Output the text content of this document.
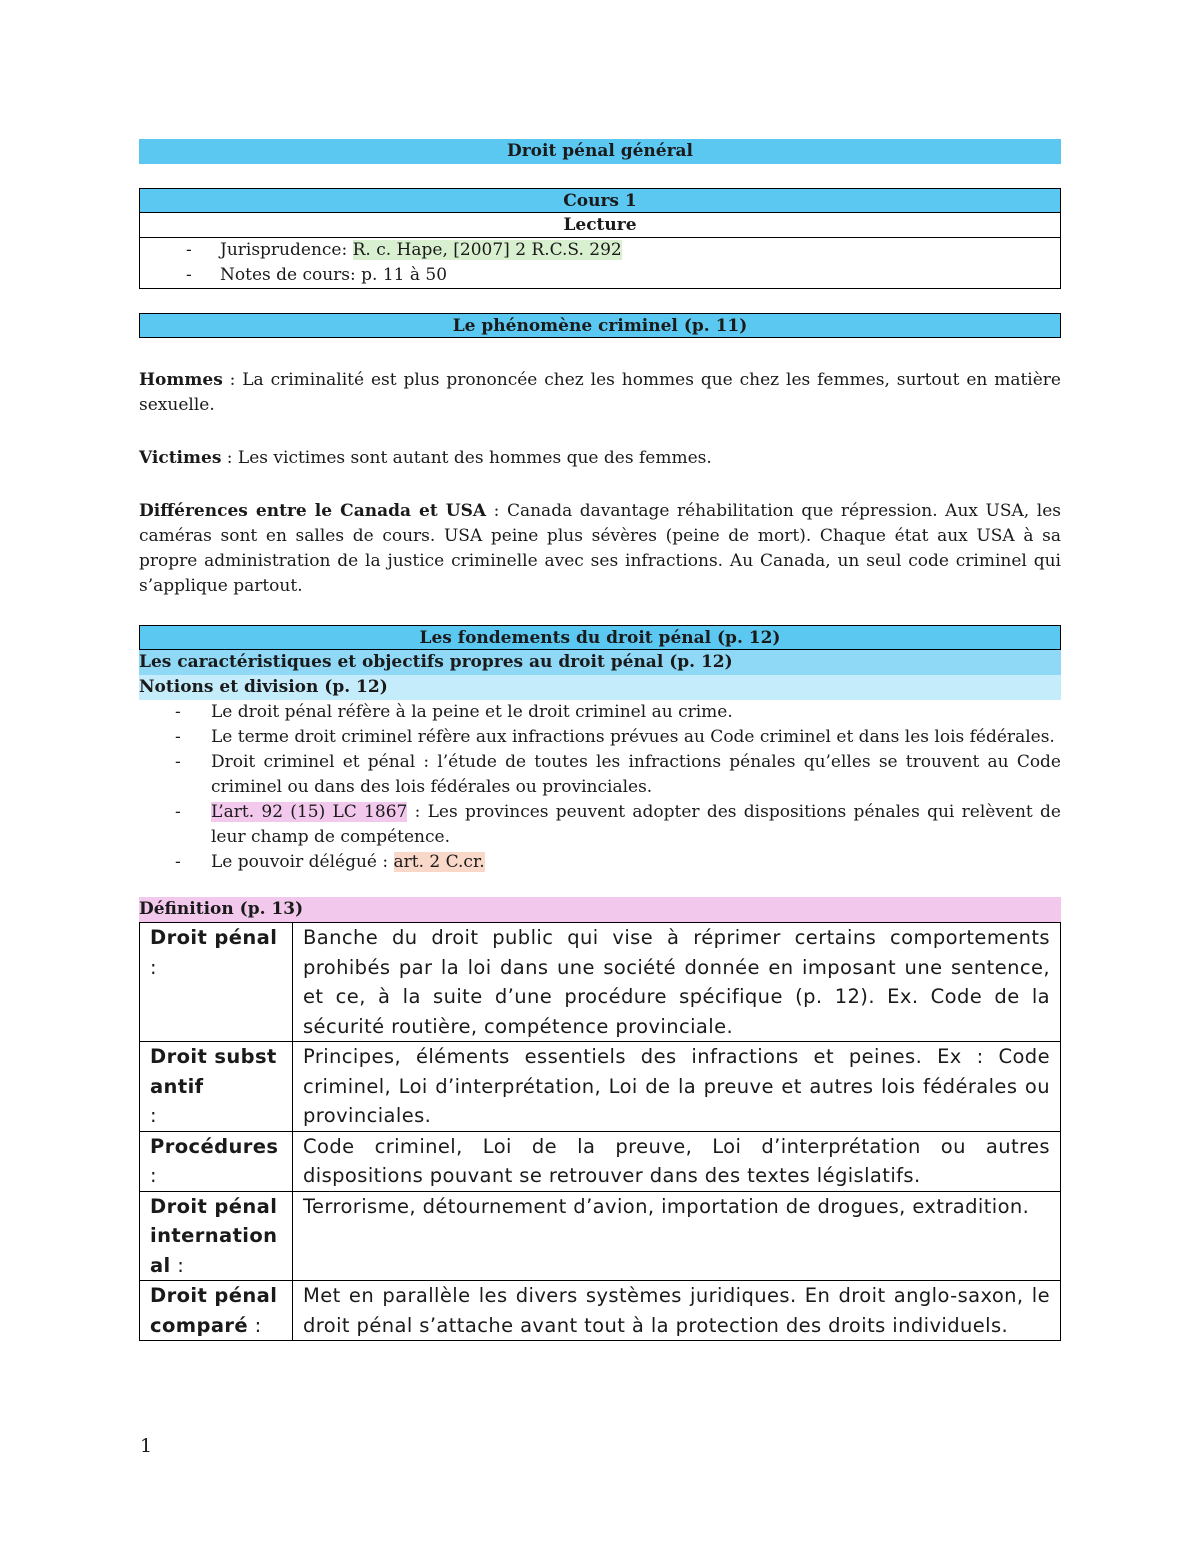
Droit pénal général
Cours 1
Lecture
- Jurisprudence: R. c. Hape, [2007] 2 R.C.S. 292
- Notes de cours: p. 11 à 50
Le phénomène criminel (p. 11)

Hommes : La criminalité est plus prononcée chez les hommes que chez les femmes, surtout en matière sexuelle.

Victimes : Les victimes sont autant des hommes que des femmes.

Différences entre le Canada et USA : Canada davantage réhabilitation que répression. Aux USA, les caméras sont en salles de cours. USA peine plus sévères (peine de mort). Chaque état aux USA à sa propre administration de la justice criminelle avec ses infractions. Au Canada, un seul code criminel qui s’applique partout.

Les fondements du droit pénal (p. 12)
Les caractéristiques et objectifs propres au droit pénal (p. 12)
Notions et division (p. 12)
- Le droit pénal réfère à la peine et le droit criminel au crime.
- Le terme droit criminel réfère aux infractions prévues au Code criminel et dans les lois fédérales.
- Droit criminel et pénal : l’étude de toutes les infractions pénales qu’elles se trouvent au Code criminel ou dans des lois fédérales ou provinciales.
- L’art. 92 (15) LC 1867 : Les provinces peuvent adopter des dispositions pénales qui relèvent de leur champ de compétence.
- Le pouvoir délégué : art. 2 C.cr.
Définition (p. 13)
Droit pénal :	Banche du droit public qui vise à réprimer certains comportements prohibés par la loi dans une société donnée en imposant une sentence, et ce, à la suite d’une procédure spécifique (p. 12). Ex. Code de la sécurité routière, compétence provinciale.
Droit substantif
:	Principes, éléments essentiels des infractions et peines. Ex : Code criminel, Loi d’interprétation, Loi de la preuve et autres lois fédérales ou provinciales.
Procédures :	Code criminel, Loi de la preuve, Loi d’interprétation ou autres dispositions pouvant se retrouver dans des textes législatifs.
Droit pénal international :	Terrorisme, détournement d’avion, importation de drogues, extradition.
Droit pénal comparé :	Met en parallèle les divers systèmes juridiques. En droit anglo-saxon, le droit pénal s’attache avant tout à la protection des droits individuels.
1
